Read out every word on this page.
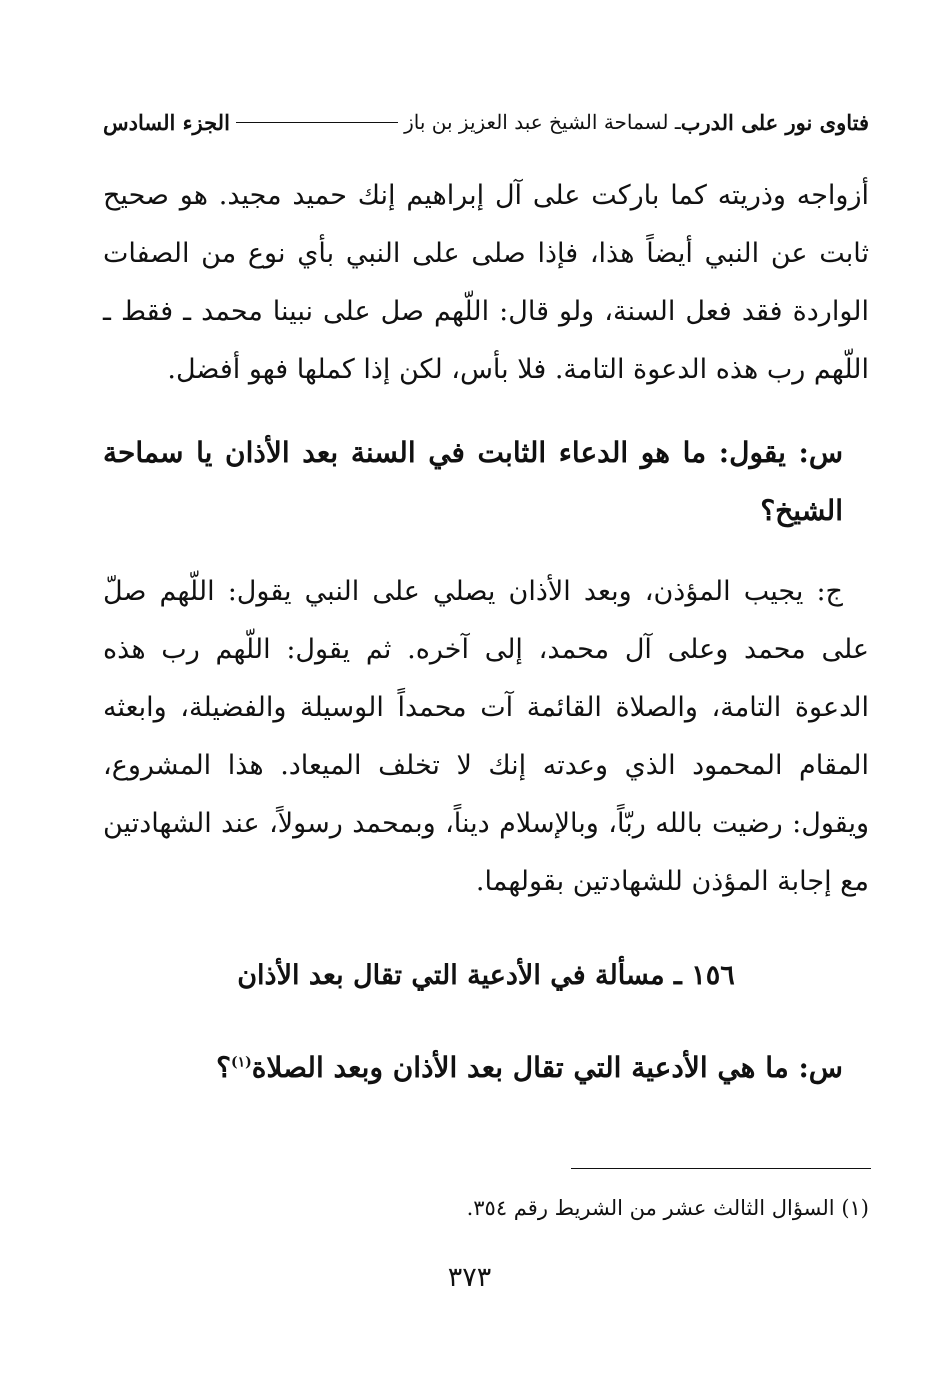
فتاوى نور على الدرب
ـ لسماحة الشيخ عبد العزيز بن باز
الجزء السادس
أزواجه وذريته كما باركت على آل إبراهيم إنك حميد مجيد. هو صحيح ثابت عن النبي أيضاً هذا، فإذا صلى على النبي بأي نوع من الصفات الواردة فقد فعل السنة، ولو قال: اللّهم صل على نبينا محمد ـ فقط ـ اللّهم رب هذه الدعوة التامة. فلا بأس، لكن إذا كملها فهو أفضل.
س: يقول: ما هو الدعاء الثابت في السنة بعد الأذان يا سماحة الشيخ؟
ج: يجيب المؤذن، وبعد الأذان يصلي على النبي يقول: اللّهم صلّ على محمد وعلى آل محمد، إلى آخره. ثم يقول: اللّهم رب هذه الدعوة التامة، والصلاة القائمة آت محمداً الوسيلة والفضيلة، وابعثه المقام المحمود الذي وعدته إنك لا تخلف الميعاد. هذا المشروع، ويقول: رضيت بالله ربّاً، وبالإسلام ديناً، وبمحمد رسولاً، عند الشهادتين مع إجابة المؤذن للشهادتين بقولهما.
١٥٦ ـ مسألة في الأدعية التي تقال بعد الأذان
س: ما هي الأدعية التي تقال بعد الأذان وبعد الصلاة$^{(١)}$؟
(١) السؤال الثالث عشر من الشريط رقم ٣٥٤.
٣٧٣
